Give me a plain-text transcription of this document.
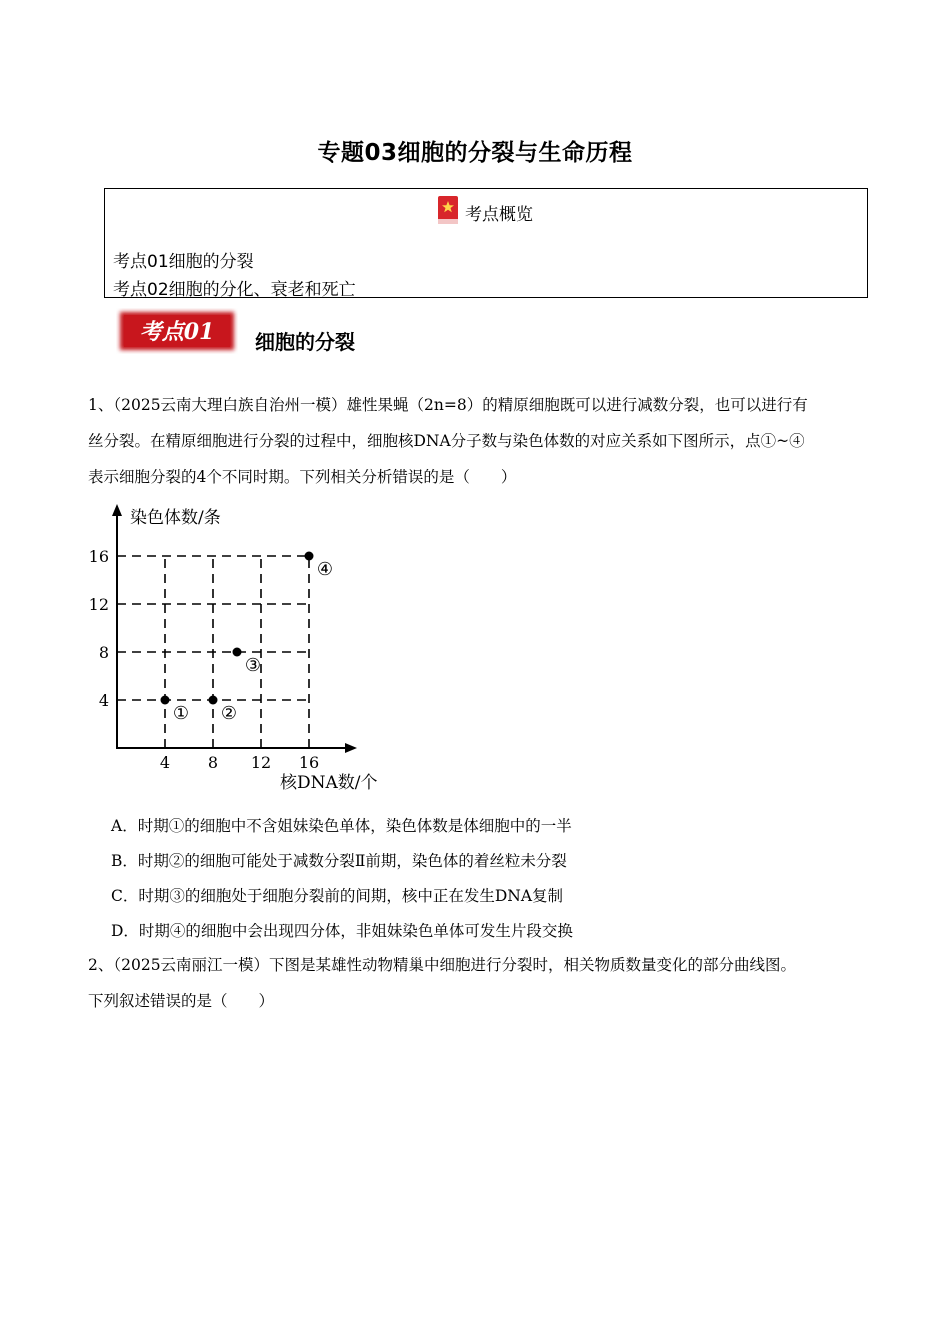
专题03细胞的分裂与生命历程
考点概览
考点01细胞的分裂
考点02细胞的分化、衰老和死亡
考点01 细胞的分裂
1、（2025云南大理白族自治州一模）雄性果蝇（2n=8）的精原细胞既可以进行减数分裂，也可以进行有
丝分裂。在精原细胞进行分裂的过程中，细胞核DNA分子数与染色体数的对应关系如下图所示，点①~④
表示细胞分裂的4个不同时期。下列相关分析错误的是（　　）
染色体数/条
核DNA数/个
4
8
12
16
4 8 12 16
① ②
③
④
A．时期①的细胞中不含姐妹染色单体，染色体数是体细胞中的一半
B．时期②的细胞可能处于减数分裂Ⅱ前期，染色体的着丝粒未分裂
C．时期③的细胞处于细胞分裂前的间期，核中正在发生DNA复制
D．时期④的细胞中会出现四分体，非姐妹染色单体可发生片段交换
2、（2025云南丽江一模）下图是某雄性动物精巢中细胞进行分裂时，相关物质数量变化的部分曲线图。
下列叙述错误的是（　　）
